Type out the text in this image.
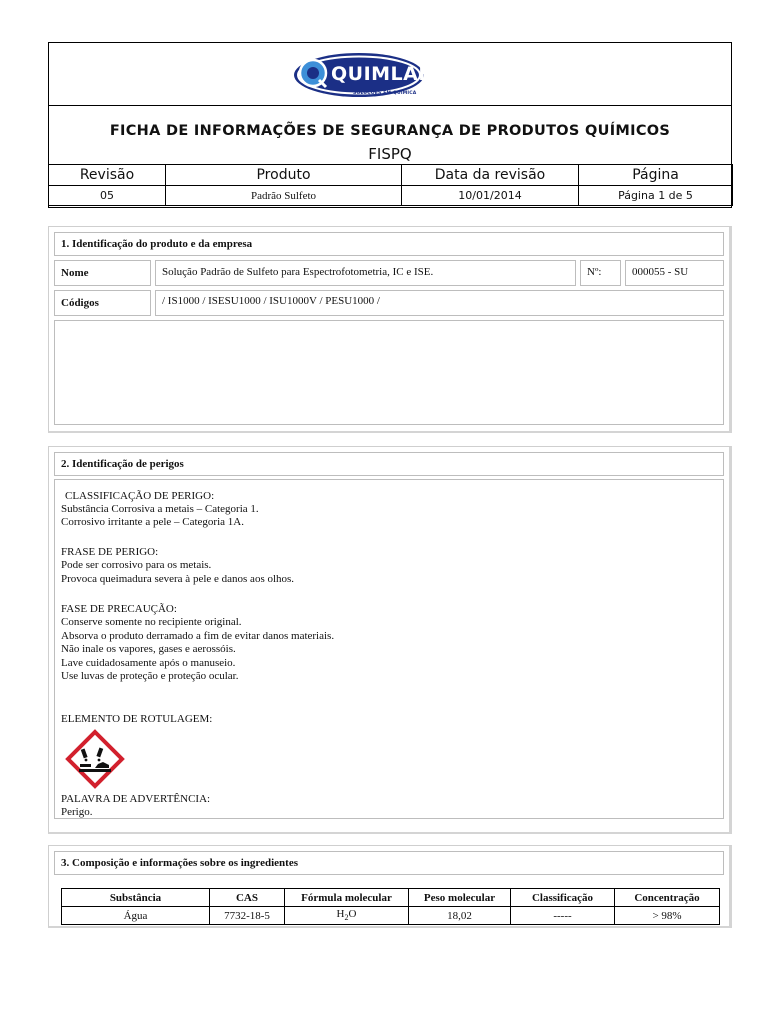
QUIMLAB
SOLUÇÕES EM QUÍMICA
FICHA DE INFORMAÇÕES DE SEGURANÇA DE PRODUTOS QUÍMICOS
FISPQ
Revisão	Produto	Data da revisão	Página
05	Padrão Sulfeto	10/01/2014	Página 1 de 5
1. Identificação do produto e da empresa
Nome	Solução Padrão de Sulfeto para Espectrofotometria, IC e ISE.	Nº:	000055 - SU
Códigos	/ IS1000 / ISESU1000 / ISU1000V / PESU1000 /
2. Identificação de perigos
CLASSIFICAÇÃO DE PERIGO:
Substância Corrosiva a metais – Categoria 1.
Corrosivo irritante a pele – Categoria 1A.
FRASE DE PERIGO:
Pode ser corrosivo para os metais.
Provoca queimadura severa à pele e danos aos olhos.
FASE DE PRECAUÇÃO:
Conserve somente no recipiente original.
Absorva o produto derramado a fim de evitar danos materiais.
Não inale os vapores, gases e aerossóis.
Lave cuidadosamente após o manuseio.
Use luvas de proteção e proteção ocular.
ELEMENTO DE ROTULAGEM:
PALAVRA DE ADVERTÊNCIA:
Perigo.
3. Composição e informações sobre os ingredientes
Substância	CAS	Fórmula molecular	Peso molecular	Classificação	Concentração
Água	7732-18-5	$H_2O$	18,02	-----	> 98%
